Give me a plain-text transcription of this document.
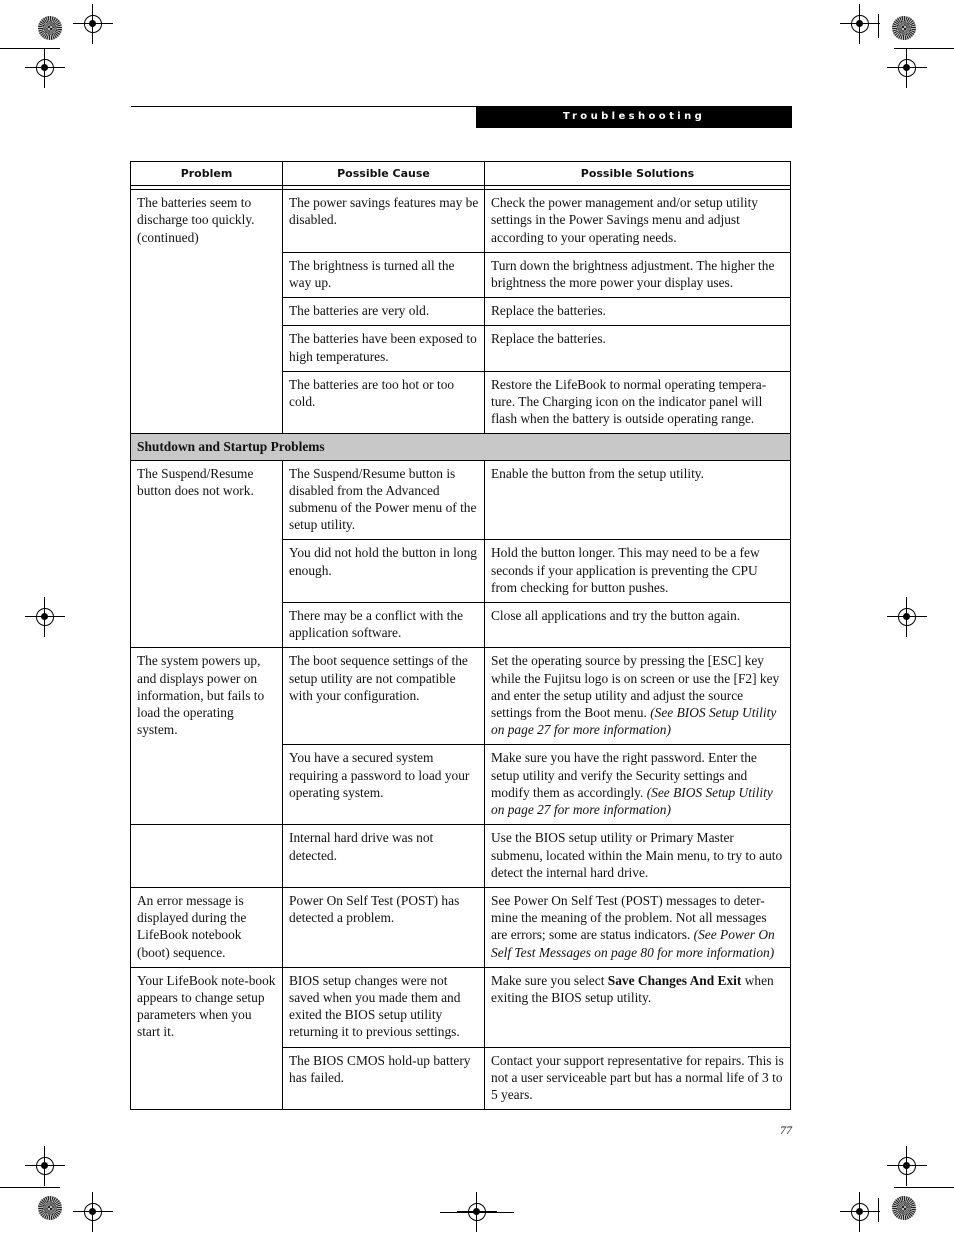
Troubleshooting
Problem	Possible Cause	Possible Solutions

The batteries seem to discharge too quickly. (continued)	The power savings features may be disabled.	Check the power management and/or setup utility settings in the Power Savings menu and adjust according to your operating needs.
	The brightness is turned all the way up.	Turn down the brightness adjustment. The higher the brightness the more power your display uses.
	The batteries are very old.	Replace the batteries.
	The batteries have been exposed to high temperatures.	Replace the batteries.
	The batteries are too hot or too cold.	Restore the LifeBook to normal operating tempera-ture. The Charging icon on the indicator panel will flash when the battery is outside operating range.
Shutdown and Startup Problems		
The Suspend/Resume button does not work.	The Suspend/Resume button is disabled from the Advanced submenu of the Power menu of the setup utility.	Enable the button from the setup utility.
	You did not hold the button in long enough.	Hold the button longer. This may need to be a few seconds if your application is preventing the CPU from checking for button pushes.
	There may be a conflict with the application software.	Close all applications and try the button again.
The system powers up, and displays power on information, but fails to load the operating system.	The boot sequence settings of the setup utility are not compatible with your configuration.	Set the operating source by pressing the [ESC] key while the Fujitsu logo is on screen or use the [F2] key and enter the setup utility and adjust the source settings from the Boot menu. (See BIOS Setup Utility on page 27 for more information)
	You have a secured system requiring a password to load your operating system.	Make sure you have the right password. Enter the setup utility and verify the Security settings and modify them as accordingly. (See BIOS Setup Utility on page 27 for more information)
	Internal hard drive was not detected.	Use the BIOS setup utility or Primary Master submenu, located within the Main menu, to try to auto detect the internal hard drive.
An error message is displayed during the LifeBook notebook (boot) sequence.	Power On Self Test (POST) has detected a problem.	See Power On Self Test (POST) messages to deter-mine the meaning of the problem. Not all messages are errors; some are status indicators. (See Power On Self Test Messages on page 80 for more information)
Your LifeBook note-book appears to change setup parameters when you start it.	BIOS setup changes were not saved when you made them and exited the BIOS setup utility returning it to previous settings.	Make sure you select Save Changes And Exit when exiting the BIOS setup utility.
	The BIOS CMOS hold-up battery has failed.	Contact your support representative for repairs. This is not a user serviceable part but has a normal life of 3 to 5 years.
77
